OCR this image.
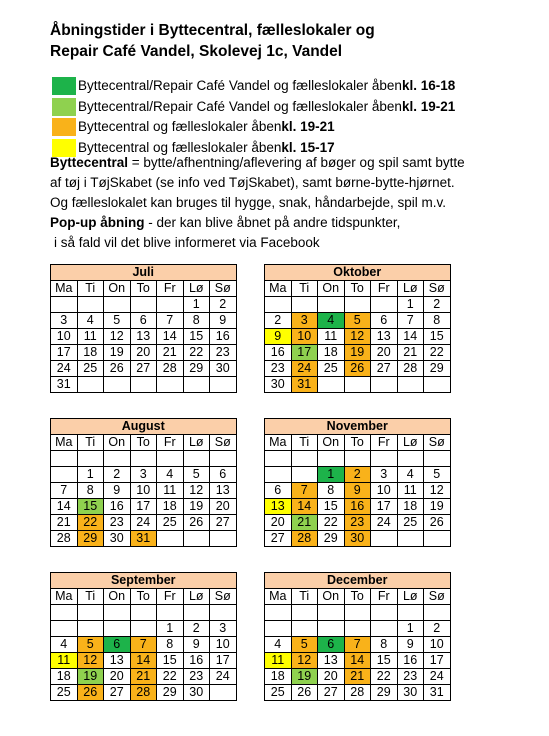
Åbningstider i Byttecentral, fælleslokaler og
Repair Café Vandel, Skolevej 1c, Vandel
Byttecentral/Repair Café Vandel og fælleslokaler åben kl. 16-18
Byttecentral/Repair Café Vandel og fælleslokaler åben kl. 19-21
Byttecentral og fælleslokaler åben kl. 19-21
Byttecentral og fælleslokaler åben kl. 15-17

Byttecentral = bytte/afhentning/aflevering af bøger og spil samt bytte

af tøj i TøjSkabet (se info ved TøjSkabet), samt børne-bytte-hjørnet.

Og fælleslokalet kan bruges til hygge, snak, håndarbejde, spil m.v.

Pop-up åbning - der kan blive åbnet på andre tidspunkter,

i så fald vil det blive informeret via Facebook

Juli						
Ma	Ti	On	To	Fr	Lø	Sø
					1	2
3	4	5	6	7	8	9
10	11	12	13	14	15	16
17	18	19	20	21	22	23
24	25	26	27	28	29	30
31						
Oktober						
Ma	Ti	On	To	Fr	Lø	Sø
					1	2
2	3	4	5	6	7	8
9	10	11	12	13	14	15
16	17	18	19	20	21	22
23	24	25	26	27	28	29
30	31					
August						
Ma	Ti	On	To	Fr	Lø	Sø

	1	2	3	4	5	6
7	8	9	10	11	12	13
14	15	16	17	18	19	20
21	22	23	24	25	26	27
28	29	30	31			
November						
Ma	Ti	On	To	Fr	Lø	Sø

		1	2	3	4	5
6	7	8	9	10	11	12
13	14	15	16	17	18	19
20	21	22	23	24	25	26
27	28	29	30			
September						
Ma	Ti	On	To	Fr	Lø	Sø

				1	2	3
4	5	6	7	8	9	10
11	12	13	14	15	16	17
18	19	20	21	22	23	24
25	26	27	28	29	30	
December						
Ma	Ti	On	To	Fr	Lø	Sø

					1	2
4	5	6	7	8	9	10
11	12	13	14	15	16	17
18	19	20	21	22	23	24
25	26	27	28	29	30	31
